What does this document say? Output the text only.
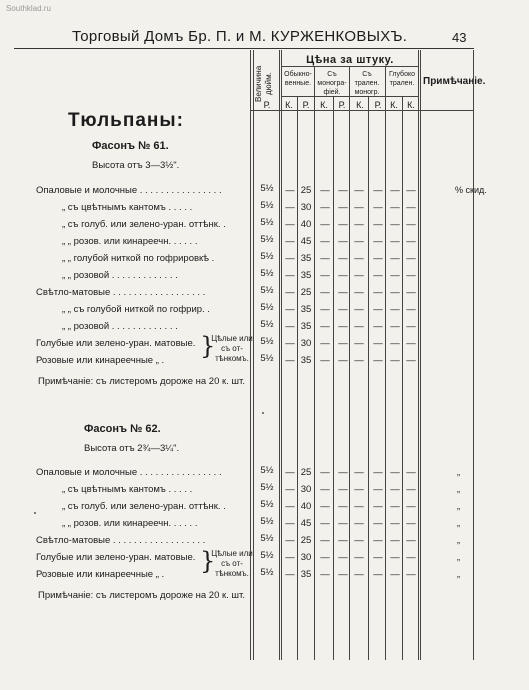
Southklad.ru
Торговый Домъ Бр. П. и М. КУРЖЕНКОВЫХЪ.	43
Величина дюйм.
Цѣна за штуку.
Обыкно-венные.
Съ моногра-фіей.
Съ трален. моногр.
Глубоко трален. Примѣчаніе.
Р.	К.	Р.	К.	Р.	К.	Р. К.	К.
Тюльпаны:
Фасонъ № 61.
Высота отъ 3—3½".
Опаловые и молочные . . . . . . . . . . . . . . . .	5½	— 25 — — — — — —	% скид.
„ съ цвѣтнымъ кантомъ . . . . .	5½	— 30 — — — — — —
„ съ голуб. или зелено-уран. оттѣнк. .	5½	— 40 — — — — — —
„ „ розов. или кинареечн. . . . . .	5½	— 45 — — — — — —
„ „ голубой ниткой по гофрировкѣ .	5½	— 35 — — — — — —
„ „ розовой . . . . . . . . . . . . .	5½	— 35 — — — — — —
Свѣтло-матовые . . . . . . . . . . . . . . . . . .	5½	— 25 — — — — — —
„ „ съ голубой ниткой по гофрир. .	5½	— 35 — — — — — —
„ „ розовой . . . . . . . . . . . . .	5½	— 35 — — — — — —
Голубые или зелено-уран. матовые.	5½	— 30 — — — — — —
Розовые или кинареечные „ .	5½	— 35 — — — — — —
}
Цѣлые или съ от-тѣнкомъ.
Примѣчаніе: съ листеромъ дороже на 20 к. шт.
Фасонъ № 62.
Высота отъ 2¾—3¼".
Опаловые и молочные . . . . . . . . . . . . . . . .	5½	— 25 — — — — — —	„
„ съ цвѣтнымъ кантомъ . . . . .	5½	— 30 — — — — — —	„
„ съ голуб. или зелено-уран. оттѣнк. .	5½	— 40 — — — — — —	„
„ „ розов. или кинареечн. . . . . .	5½	— 45 — — — — — —	„
Свѣтло-матовые . . . . . . . . . . . . . . . . . .	5½	— 25 — — — — — —	„
Голубые или зелено-уран. матовые.	5½	— 30 — — — — — —	„
Розовые или кинареечные „ .	5½	— 35 — — — — — —	„
}
Цѣлые или съ от-тѣнкомъ.
Примѣчаніе: съ листеромъ дороже на 20 к. шт.
